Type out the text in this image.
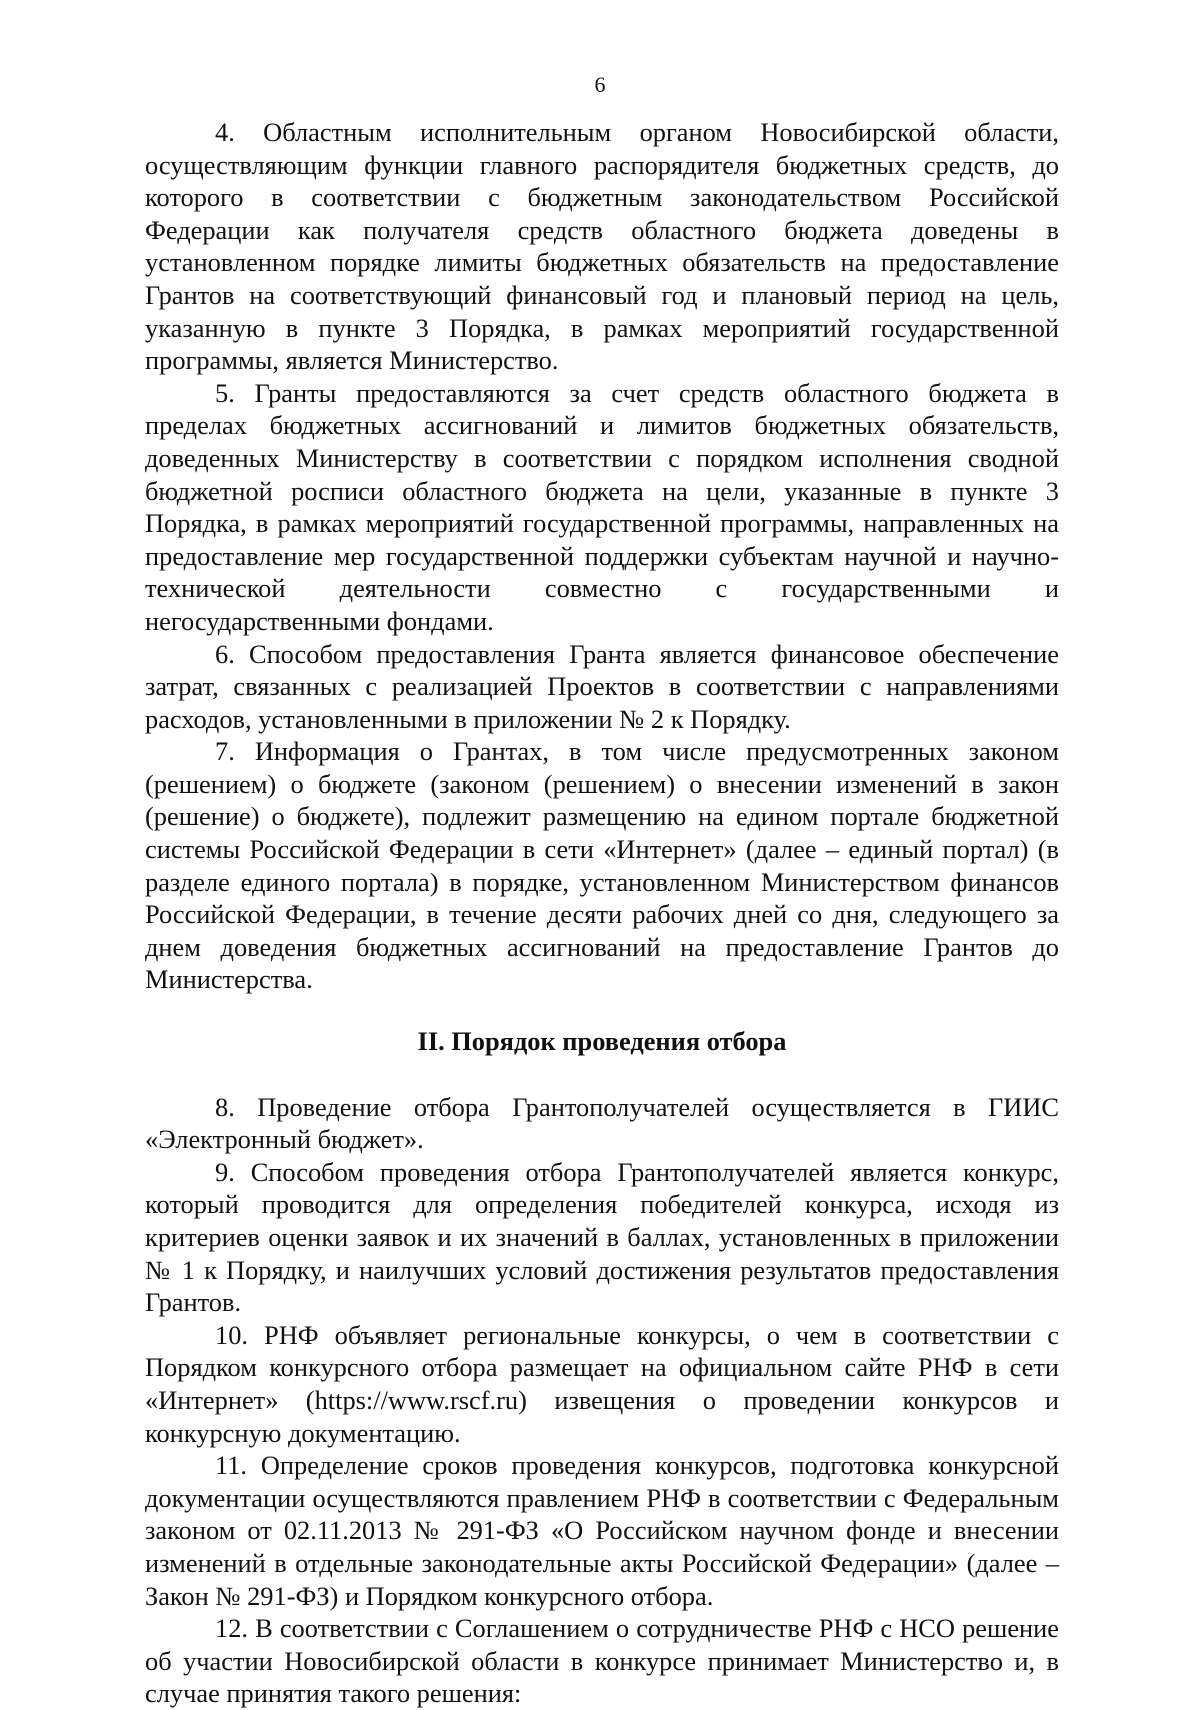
6

4. Областным исполнительным органом Новосибирской области, осуществляющим функции главного распорядителя бюджетных средств, до которого в соответствии с бюджетным законодательством Российской Федерации как получателя средств областного бюджета доведены в установленном порядке лимиты бюджетных обязательств на предоставление Грантов на соответствующий финансовый год и плановый период на цель, указанную в пункте 3 Порядка, в рамках мероприятий государственной программы, является Министерство.

5. Гранты предоставляются за счет средств областного бюджета в пределах бюджетных ассигнований и лимитов бюджетных обязательств, доведенных Министерству в соответствии с порядком исполнения сводной бюджетной росписи областного бюджета на цели, указанные в пункте 3 Порядка, в рамках мероприятий государственной программы, направленных на предоставление мер государственной поддержки субъектам научной и научно-технической деятельности совместно с государственными и негосударственными фондами.

6. Способом предоставления Гранта является финансовое обеспечение затрат, связанных с реализацией Проектов в соответствии с направлениями расходов, установленными в приложении № 2 к Порядку.

7. Информация о Грантах, в том числе предусмотренных законом (решением) о бюджете (законом (решением) о внесении изменений в закон (решение) о бюджете), подлежит размещению на едином портале бюджетной системы Российской Федерации в сети «Интернет» (далее – единый портал) (в разделе единого портала) в порядке, установленном Министерством финансов Российской Федерации, в течение десяти рабочих дней со дня, следующего за днем доведения бюджетных ассигнований на предоставление Грантов до Министерства.

II. Порядок проведения отбора

8. Проведение отбора Грантополучателей осуществляется в ГИИС «Электронный бюджет».

9. Способом проведения отбора Грантополучателей является конкурс, который проводится для определения победителей конкурса, исходя из критериев оценки заявок и их значений в баллах, установленных в приложении № 1 к Порядку, и наилучших условий достижения результатов предоставления Грантов.

10. РНФ объявляет региональные конкурсы, о чем в соответствии с Порядком конкурсного отбора размещает на официальном сайте РНФ в сети «Интернет» (https://www.rscf.ru) извещения о проведении конкурсов и конкурсную документацию.

11. Определение сроков проведения конкурсов, подготовка конкурсной документации осуществляются правлением РНФ в соответствии с Федеральным законом от 02.11.2013 № 291-ФЗ «О Российском научном фонде и внесении изменений в отдельные законодательные акты Российской Федерации» (далее – Закон № 291-ФЗ) и Порядком конкурсного отбора.

12. В соответствии с Соглашением о сотрудничестве РНФ с НСО решение об участии Новосибирской области в конкурсе принимает Министерство и, в случае принятия такого решения:
